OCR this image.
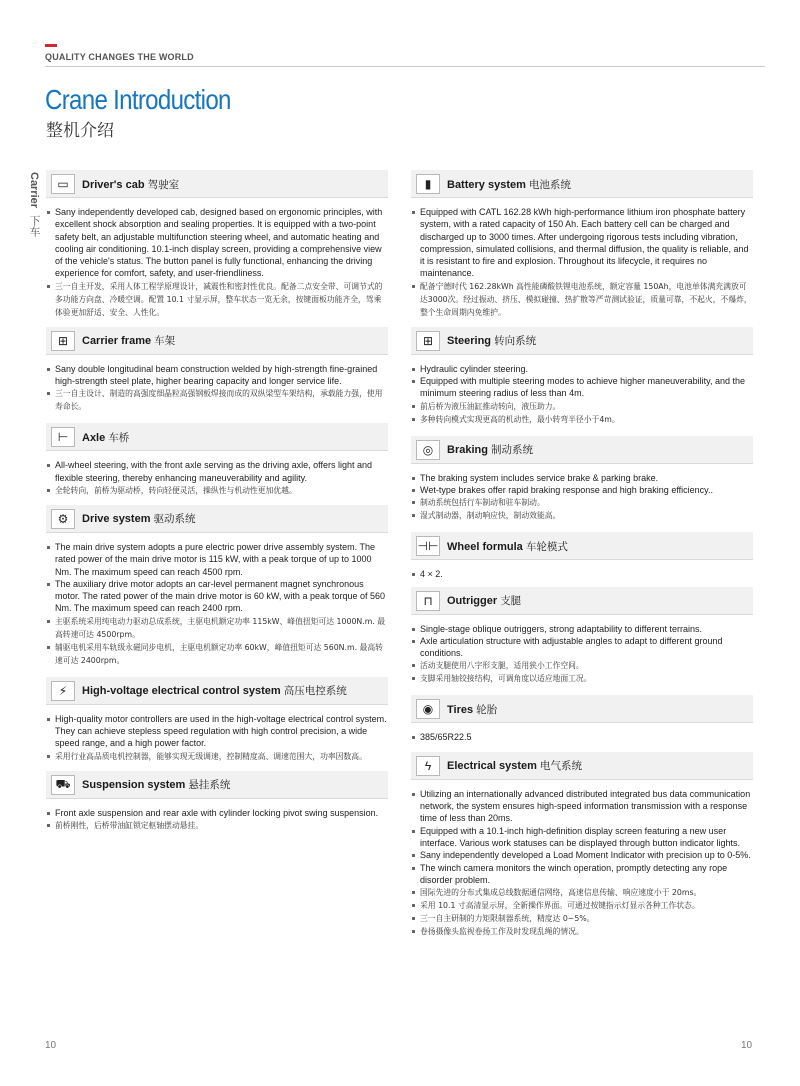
QUALITY CHANGES THE WORLD
Crane Introduction
整机介绍
Carrier 下车
▭	Driver's cab 驾驶室
Sany independently developed cab, designed based on ergonomic principles, with excellent shock absorption and sealing properties. It is equipped with a two-point safety belt, an adjustable multifunction steering wheel, and automatic heating and cooling air conditioning. 10.1-inch display screen, providing a comprehensive view of the vehicle's status. The button panel is fully functional, enhancing the driving experience for comfort, safety, and user-friendliness.
三一自主开发，采用人体工程学原理设计，减震性和密封性优良。配备二点安全带、可调节式的多功能方向盘、冷暖空调。配置 10.1 寸显示屏，整车状态一览无余，按键面板功能齐全，驾乘体验更加舒适、安全、人性化。
⊞	Carrier frame 车架
Sany double longitudinal beam construction welded by high-strength fine-grained high-strength steel plate, higher bearing capacity and longer service life.
三一自主设计、制造的高强度细晶粒高强钢板焊接而成的双纵梁型车架结构，承载能力强，使用寿命长。
⊢	Axle 车桥
All-wheel steering, with the front axle serving as the driving axle, offers light and flexible steering, thereby enhancing maneuverability and agility.
全轮转向，前桥为驱动桥，转向轻便灵活，操纵性与机动性更加优越。
⚙	Drive system 驱动系统
The main drive system adopts a pure electric power drive assembly system. The rated power of the main drive motor is 115 kW, with a peak torque of up to 1000 Nm. The maximum speed can reach 4500 rpm.
The auxiliary drive motor adopts an car-level permanent magnet synchronous motor. The rated power of the main drive motor is 60 kW, with a peak torque of 560 Nm. The maximum speed can reach 2400 rpm.
主驱系统采用纯电动力驱动总成系统，主驱电机额定功率 115kW、峰值扭矩可达 1000N.m. 最高转速可达 4500rpm。
辅驱电机采用车轨级永磁同步电机，主驱电机额定功率 60kW，峰值扭矩可达 560N.m. 最高转速可达 2400rpm。
⚡	High-voltage electrical control system 高压电控系统
High-quality motor controllers are used in the high-voltage electrical control system. They can achieve stepless speed regulation with high control precision, a wide speed range, and a high power factor.
采用行业高品质电机控制器，能够实现无级调速，控制精度高、调速范围大，功率因数高。
⛟	Suspension system 悬挂系统
Front axle suspension and rear axle with cylinder locking pivot swing suspension.
前桥刚性，后桥带油缸锁定枢轴摆动悬挂。
▮	Battery system 电池系统
Equipped with CATL 162.28 kWh high-performance lithium iron phosphate battery system, with a rated capacity of 150 Ah. Each battery cell can be charged and discharged up to 3000 times. After undergoing rigorous tests including vibration, compression, simulated collisions, and thermal diffusion, the quality is reliable, and it is resistant to fire and explosion. Throughout its lifecycle, it requires no maintenance.
配备宁德时代 162.28kWh 高性能磷酸铁锂电池系统，额定容量 150Ah，电池单体满充满放可达3000次。经过振动、挤压、模拟碰撞、热扩散等严苛测试验证，质量可靠，不起火，不爆炸，整个生命周期内免维护。
⊞	Steering 转向系统
Hydraulic cylinder steering.
Equipped with multiple steering modes to achieve higher maneuverability, and the minimum steering radius of less than 4m.
前后桥为液压油缸推动转向，液压助力。
多种转向模式实现更高的机动性，最小转弯半径小于4m。
◎	Braking 制动系统
The braking system includes service brake & parking brake.
Wet-type brakes offer rapid braking response and high braking efficiency..
制动系统包括行车制动和驻车制动。
湿式制动器，制动响应快，制动效能高。
⊣⊢ Wheel formula 车轮模式
4 × 2.
⊓	Outrigger 支腿
Single-stage oblique outriggers, strong adaptability to different terrains.
Axle articulation structure with adjustable angles to adapt to different ground conditions.
活动支腿使用八字形支腿，适用狭小工作空间。
支脚采用轴铰接结构，可调角度以适应地面工况。
◉	Tires 轮胎
385/65R22.5
ϟ	Electrical system 电气系统
Utilizing an internationally advanced distributed integrated bus data communication network, the system ensures high-speed information transmission with a response time of less than 20ms.
Equipped with a 10.1-inch high-definition display screen featuring a new user interface. Various work statuses can be displayed through button indicator lights.
Sany independently developed a Load Moment Indicator with precision up to 0-5%.
The winch camera monitors the winch operation, promptly detecting any rope disorder problem.
国际先进的分布式集成总线数据通信网络，高速信息传输、响应速度小于 20ms。
采用 10.1 寸高清显示屏，全新操作界面。可通过按键指示灯显示各种工作状态。
三一自主研制的力矩限制器系统，精度达 0~5%。
卷扬摄像头监视卷扬工作及时发现乱绳的情况。
10	10
